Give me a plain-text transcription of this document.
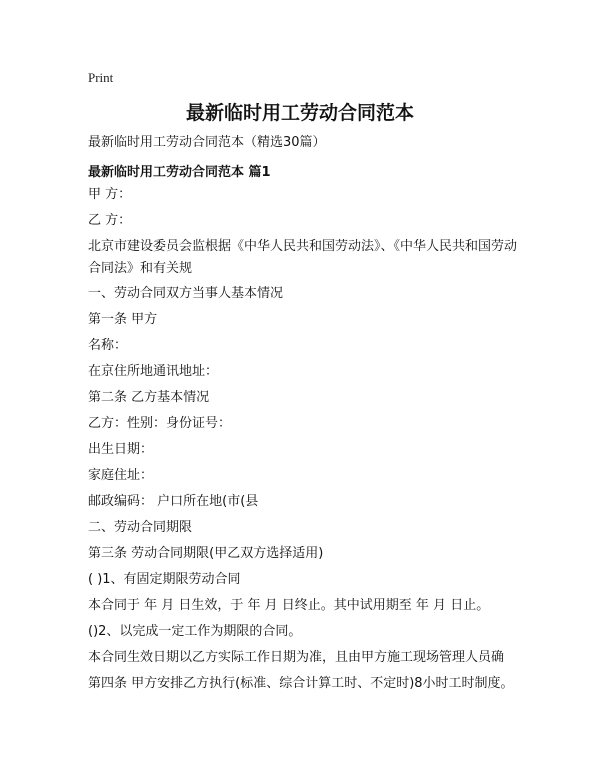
Print
最新临时用工劳动合同范本
最新临时用工劳动合同范本（精选30篇）
最新临时用工劳动合同范本 篇1
甲 方：
乙 方：
北京市建设委员会监根据《中华人民共和国劳动法》、《中华人民共和国劳动合同法》和有关规
一、劳动合同双方当事人基本情况
第一条 甲方
名称：
在京住所地通讯地址：
第二条 乙方基本情况
乙方：性别：身份证号：
出生日期：
家庭住址：
邮政编码： 户口所在地(市(县
二、劳动合同期限
第三条 劳动合同期限(甲乙双方选择适用)
( )1、有固定期限劳动合同
本合同于 年 月 日生效，于 年 月 日终止。其中试用期至 年 月 日止。
()2、以完成一定工作为期限的合同。
本合同生效日期以乙方实际工作日期为准，且由甲方施工现场管理人员确
第四条 甲方安排乙方执行(标准、综合计算工时、不定时)8小时工时制度。
